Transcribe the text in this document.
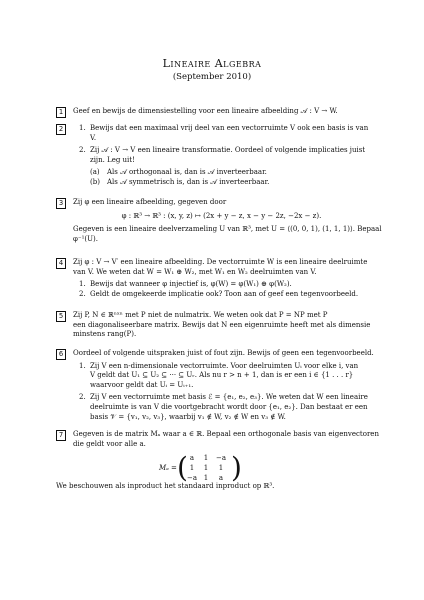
Lineaire Algebra
(September 2010)
1	Geef en bewijs de dimensiestelling voor een lineaire afbeelding 𝒜 : V → W.
2	1. Bewijs dat een maximaal vrij deel van een vectorruimte V ook een basis is van
V.
2. Zij 𝒜 : V → V een lineaire transformatie. Oordeel of volgende implicaties juist
zijn. Leg uit!
(a) Als 𝒜 orthogonaal is, dan is 𝒜 inverteerbaar.
(b) Als 𝒜 symmetrisch is, dan is 𝒜 inverteerbaar.
3	Zij φ een lineaire afbeelding, gegeven door
φ : ℝ³ → ℝ³ : (x, y, z) ↦ (2x + y − z, x − y − 2z, −2x − z).
Gegeven is een lineaire deelverzameling U van ℝ³, met U = ⟨(0, 0, 1), (1, 1, 1)⟩. Bepaal
φ⁻¹(U).
4	Zij φ : V → V′ een lineaire afbeelding. De vectorruimte W is een lineaire deelruimte
van V. We weten dat W = W₁ ⊕ W₂, met W₁ en W₂ deelruimten van V.
1. Bewijs dat wanneer φ injectief is, φ(W) = φ(W₁) ⊕ φ(W₂).
2. Geldt de omgekeerde implicatie ook? Toon aan of geef een tegenvoorbeeld.
5	Zij P, N ∈ ℝⁿˣⁿ met P niet de nulmatrix. We weten ook dat P = NP met P
een diagonaliseerbare matrix. Bewijs dat N een eigenruimte heeft met als dimensie
minstens rang(P).
6	Oordeel of volgende uitspraken juist of fout zijn. Bewijs of geen een tegenvoorbeeld.
1. Zij V een n-dimensionale vectorruimte. Voor deelruimten Uᵢ voor elke i, van
V geldt dat U₁ ⊆ U₂ ⊆ ··· ⊆ Uᵣ. Als nu r > n + 1, dan is er een i ∈ {1 . . . r}
waarvoor geldt dat Uᵢ = Uᵢ₊₁.
2. Zij V een vectorruimte met basis ℰ = {e₁, e₂, e₃}. We weten dat W een lineaire
deelruimte is van V die voortgebracht wordt door {e₁, e₂}. Dan bestaat er een
basis 𝒱 = {v₁, v₂, v₃}, waarbij v₁ ∉ W, v₂ ∉ W en v₃ ∉ W.
7	Gegeven is de matrix Mₐ waar a ∈ ℝ. Bepaal een orthogonale basis van eigenvectoren
die geldt voor alle a.
Mₐ = ( a	1	−a
1	1	1
−a 1	a )
We beschouwen als inproduct het standaard inproduct op ℝ³.
